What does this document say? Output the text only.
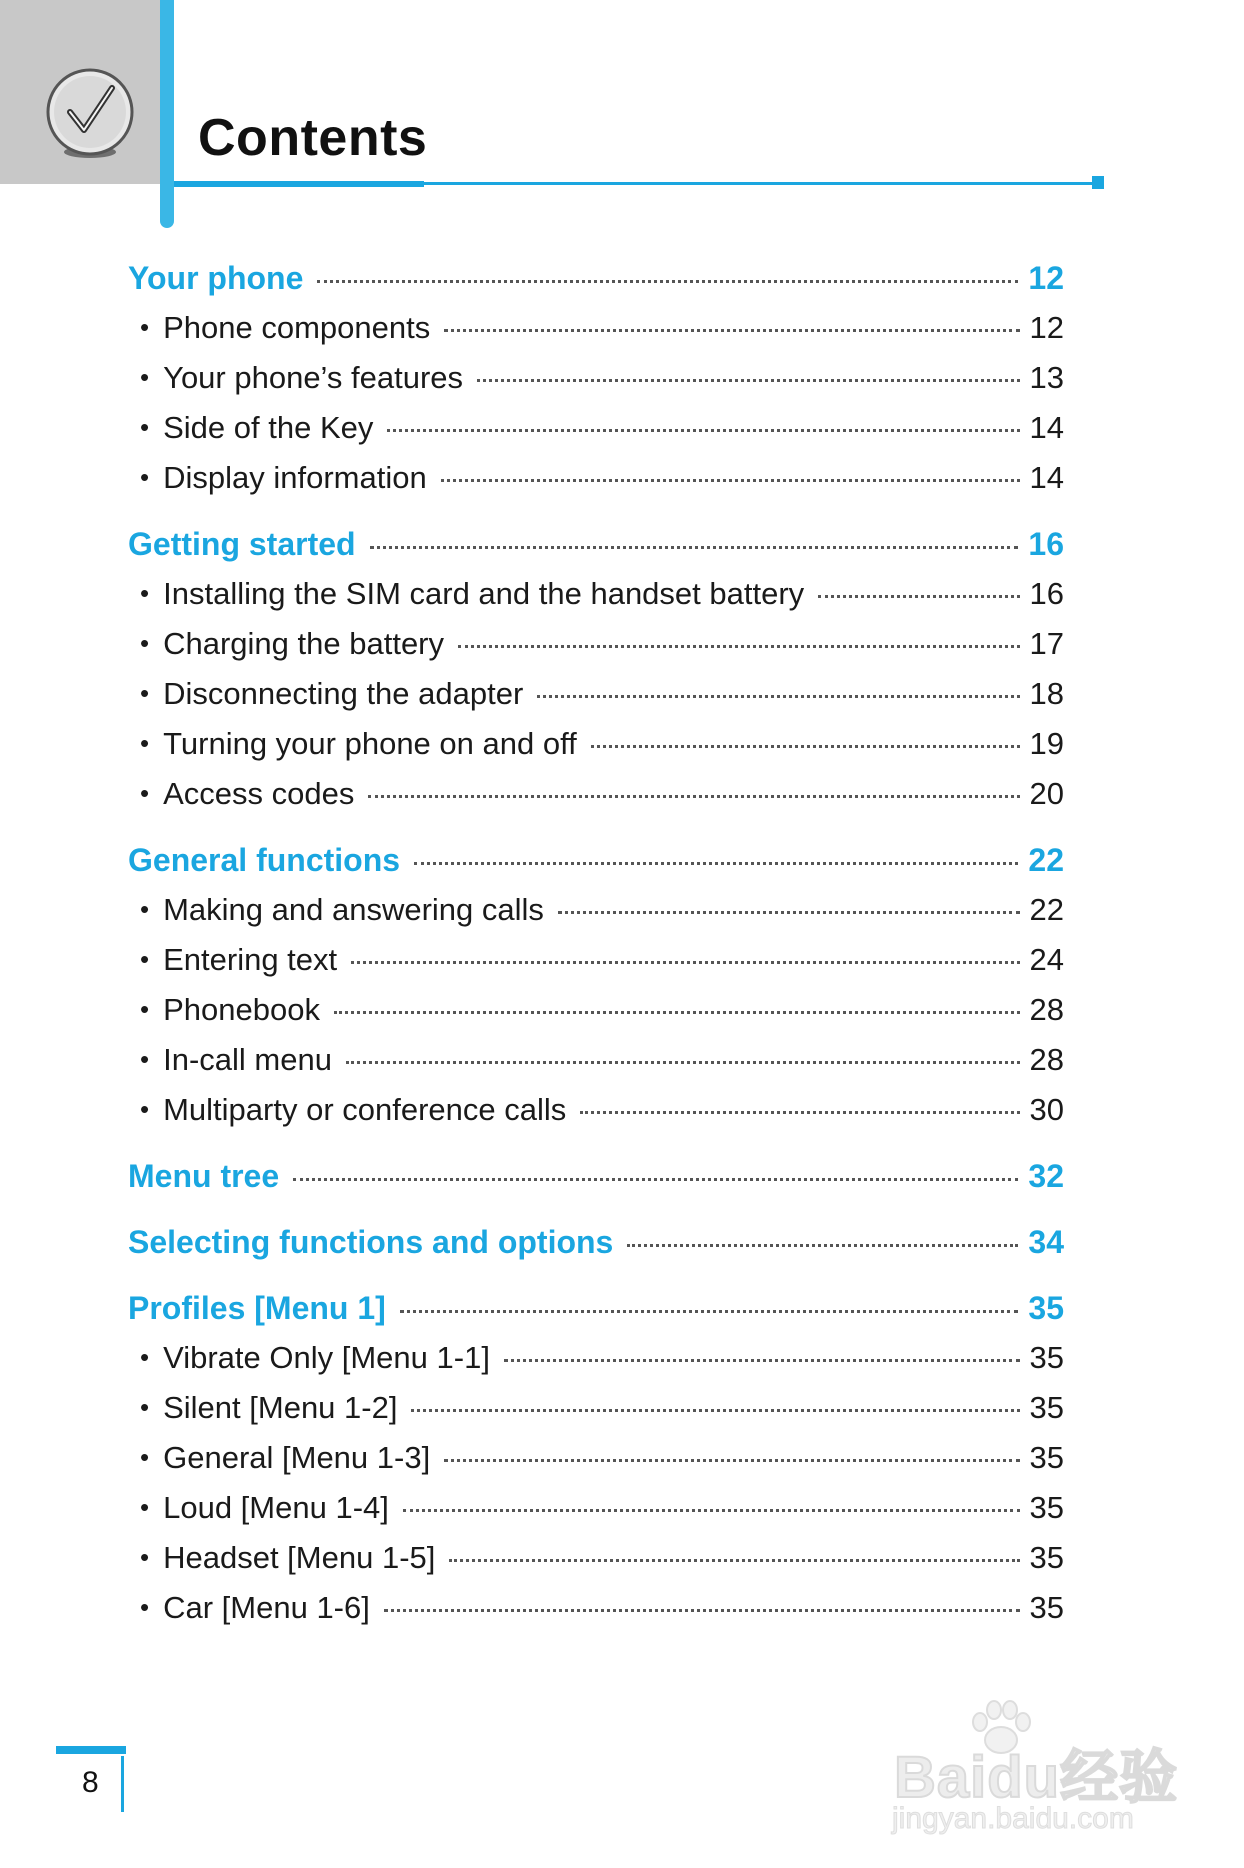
Contents
Your phone	12
• Phone components	12
• Your phone’s features	13
• Side of the Key	14
• Display information	14
Getting started	16
• Installing the SIM card and the handset battery	16
• Charging the battery	17
• Disconnecting the adapter	18
• Turning your phone on and off	19
• Access codes	20
General functions	22
• Making and answering calls	22
• Entering text	24
• Phonebook	28
• In-call menu	28
• Multiparty or conference calls	30
Menu tree	32
Selecting functions and options	34
Profiles [Menu 1]	35
• Vibrate Only [Menu 1-1]	35
• Silent [Menu 1-2]	35
• General [Menu 1-3]	35
• Loud [Menu 1-4]	35
• Headset [Menu 1-5]	35
• Car [Menu 1-6]	35
8	Baidu经验
jingyan.baidu.com
